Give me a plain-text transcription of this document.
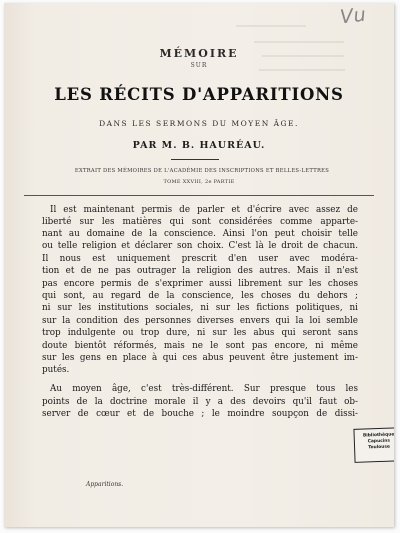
Vu
MÉMOIRE
SUR
LES RÉCITS D'APPARITIONS
DANS LES SERMONS DU MOYEN ÂGE.
PAR M. B. HAURÉAU.
EXTRAIT DES MÉMOIRES DE L'ACADÉMIE DES INSCRIPTIONS ET BELLES-LETTRES
TOME XXVIII, 2e PARTIE
Il est maintenant permis de parler et d'écrire avec assez de
liberté sur les matières qui sont considérées comme apparte-
nant au domaine de la conscience. Ainsi l'on peut choisir telle
ou telle religion et déclarer son choix. C'est là le droit de chacun.
Il nous est uniquement prescrit d'en user avec modéra-
tion et de ne pas outrager la religion des autres. Mais il n'est
pas encore permis de s'exprimer aussi librement sur les choses
qui sont, au regard de la conscience, les choses du dehors ;
ni sur les institutions sociales, ni sur les fictions politiques, ni
sur la condition des personnes diverses envers qui la loi semble
trop indulgente ou trop dure, ni sur les abus qui seront sans
doute bientôt réformés, mais ne le sont pas encore, ni même
sur les gens en place à qui ces abus peuvent être justement im-
putés.
Au moyen âge, c'est très-différent. Sur presque tous les
points de la doctrine morale il y a des devoirs qu'il faut ob-
server de cœur et de bouche ; le moindre soupçon de dissi-
Apparitions.
Bibliothèque
Capucins
Toulouse
